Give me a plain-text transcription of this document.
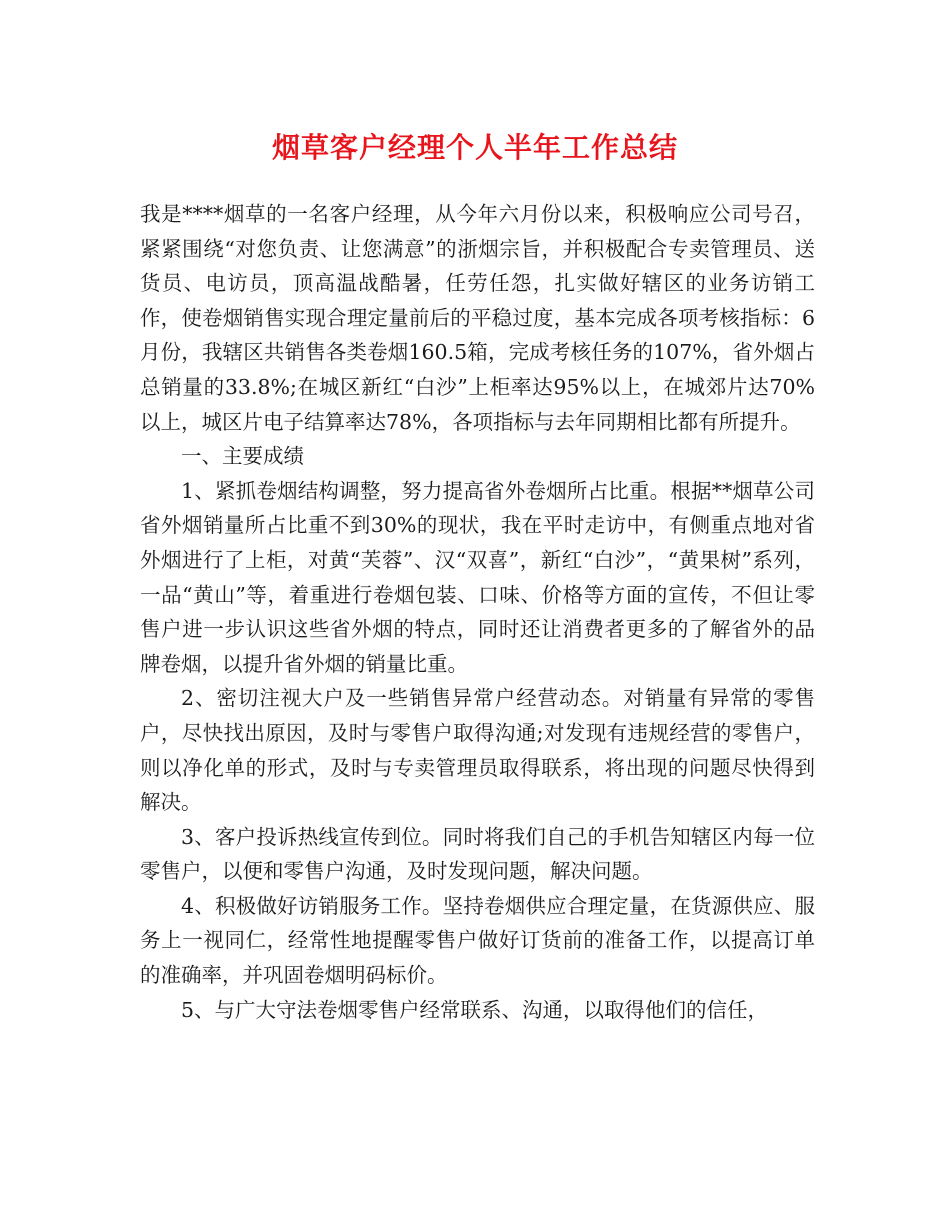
烟草客户经理个人半年工作总结

我是****烟草的一名客户经理，从今年六月份以来，积极响应公司号召，紧紧围绕“对您负责、让您满意”的浙烟宗旨，并积极配合专卖管理员、送货员、电访员，顶高温战酷暑，任劳任怨，扎实做好辖区的业务访销工作，使卷烟销售实现合理定量前后的平稳过度，基本完成各项考核指标：6月份，我辖区共销售各类卷烟160.5箱，完成考核任务的107%，省外烟占总销量的33.8%;在城区新红“白沙”上柜率达95%以上，在城郊片达70%以上，城区片电子结算率达78%，各项指标与去年同期相比都有所提升。

一、主要成绩

1、紧抓卷烟结构调整，努力提高省外卷烟所占比重。根据**烟草公司省外烟销量所占比重不到30%的现状，我在平时走访中，有侧重点地对省外烟进行了上柜，对黄“芙蓉”、汉“双喜”，新红“白沙”，“黄果树”系列，一品“黄山”等，着重进行卷烟包装、口味、价格等方面的宣传，不但让零售户进一步认识这些省外烟的特点，同时还让消费者更多的了解省外的品牌卷烟，以提升省外烟的销量比重。

2、密切注视大户及一些销售异常户经营动态。对销量有异常的零售户，尽快找出原因，及时与零售户取得沟通;对发现有违规经营的零售户，则以净化单的形式，及时与专卖管理员取得联系，将出现的问题尽快得到解决。

3、客户投诉热线宣传到位。同时将我们自己的手机告知辖区内每一位零售户，以便和零售户沟通，及时发现问题，解决问题。

4、积极做好访销服务工作。坚持卷烟供应合理定量，在货源供应、服务上一视同仁，经常性地提醒零售户做好订货前的准备工作，以提高订单的准确率，并巩固卷烟明码标价。

5、与广大守法卷烟零售户经常联系、沟通，以取得他们的信任，
